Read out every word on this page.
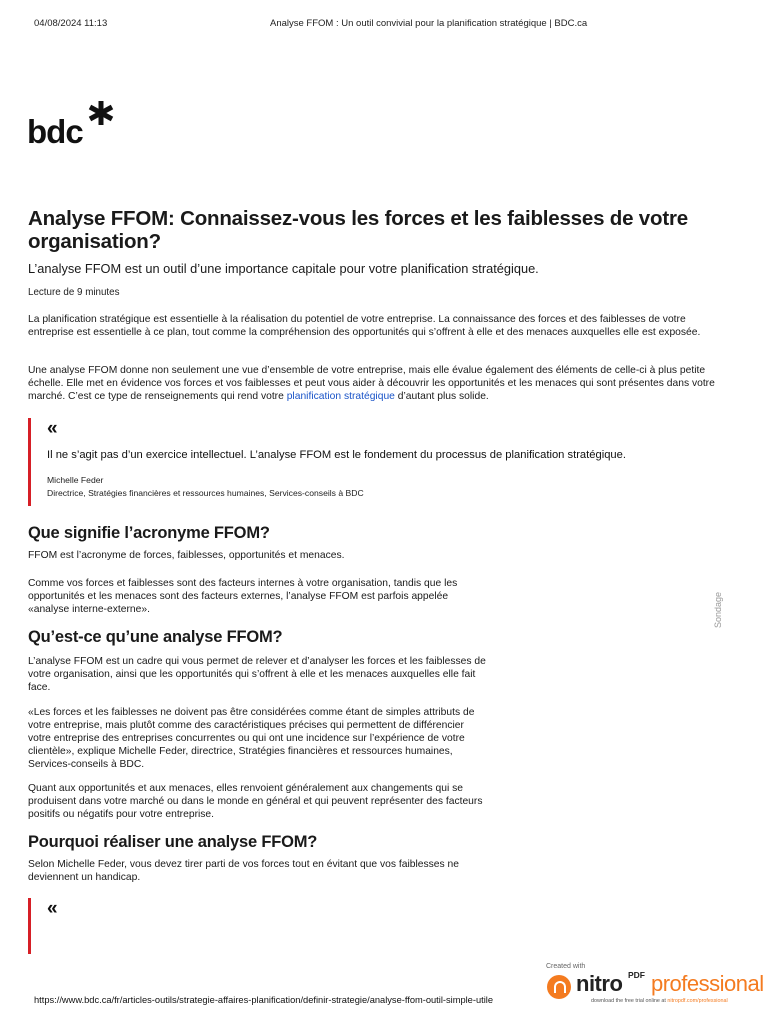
04/08/2024 11:13	Analyse FFOM : Un outil convivial pour la planification stratégique | BDC.ca
bdc
Analyse FFOM: Connaissez-vous les forces et les faiblesses de votre organisation?
L’analyse FFOM est un outil d’une importance capitale pour votre planification stratégique.
Lecture de 9 minutes

La planification stratégique est essentielle à la réalisation du potentiel de votre entreprise. La connaissance des forces et des faiblesses de votre entreprise est essentielle à ce plan, tout comme la compréhension des opportunités qui s’offrent à elle et des menaces auxquelles elle est exposée.

Une analyse FFOM donne non seulement une vue d’ensemble de votre entreprise, mais elle évalue également des éléments de celle-ci à plus petite échelle. Elle met en évidence vos forces et vos faiblesses et peut vous aider à découvrir les opportunités et les menaces qui sont présentes dans votre marché. C’est ce type de renseignements qui rend votre planification stratégique d’autant plus solide.

«
Il ne s’agit pas d’un exercice intellectuel. L’analyse FFOM est le fondement du processus de planification stratégique.
Michelle Feder
Directrice, Stratégies financières et ressources humaines, Services-conseils à BDC
Que signifie l’acronyme FFOM?

FFOM est l’acronyme de forces, faiblesses, opportunités et menaces.

Comme vos forces et faiblesses sont des facteurs internes à votre organisation, tandis que les opportunités et les menaces sont des facteurs externes, l’analyse FFOM est parfois appelée «analyse interne-externe».

Qu’est-ce qu’une analyse FFOM?

L’analyse FFOM est un cadre qui vous permet de relever et d’analyser les forces et les faiblesses de votre organisation, ainsi que les opportunités qui s’offrent à elle et les menaces auxquelles elle fait face.

«Les forces et les faiblesses ne doivent pas être considérées comme étant de simples attributs de votre entreprise, mais plutôt comme des caractéristiques précises qui permettent de différencier votre entreprise des entreprises concurrentes ou qui ont une incidence sur l’expérience de votre clientèle», explique Michelle Feder, directrice, Stratégies financières et ressources humaines, Services-conseils à BDC.

Quant aux opportunités et aux menaces, elles renvoient généralement aux changements qui se produisent dans votre marché ou dans le monde en général et qui peuvent représenter des facteurs positifs ou négatifs pour votre entreprise.

Pourquoi réaliser une analyse FFOM?

Selon Michelle Feder, vous devez tirer parti de vos forces tout en évitant que vos faiblesses ne deviennent un handicap.

«
Sondage
https://www.bdc.ca/fr/articles-outils/strategie-affaires-planification/definir-strategie/analyse-ffom-outil-simple-utile
Created with
nitro PDF professional
download the free trial online at nitropdf.com/professional
